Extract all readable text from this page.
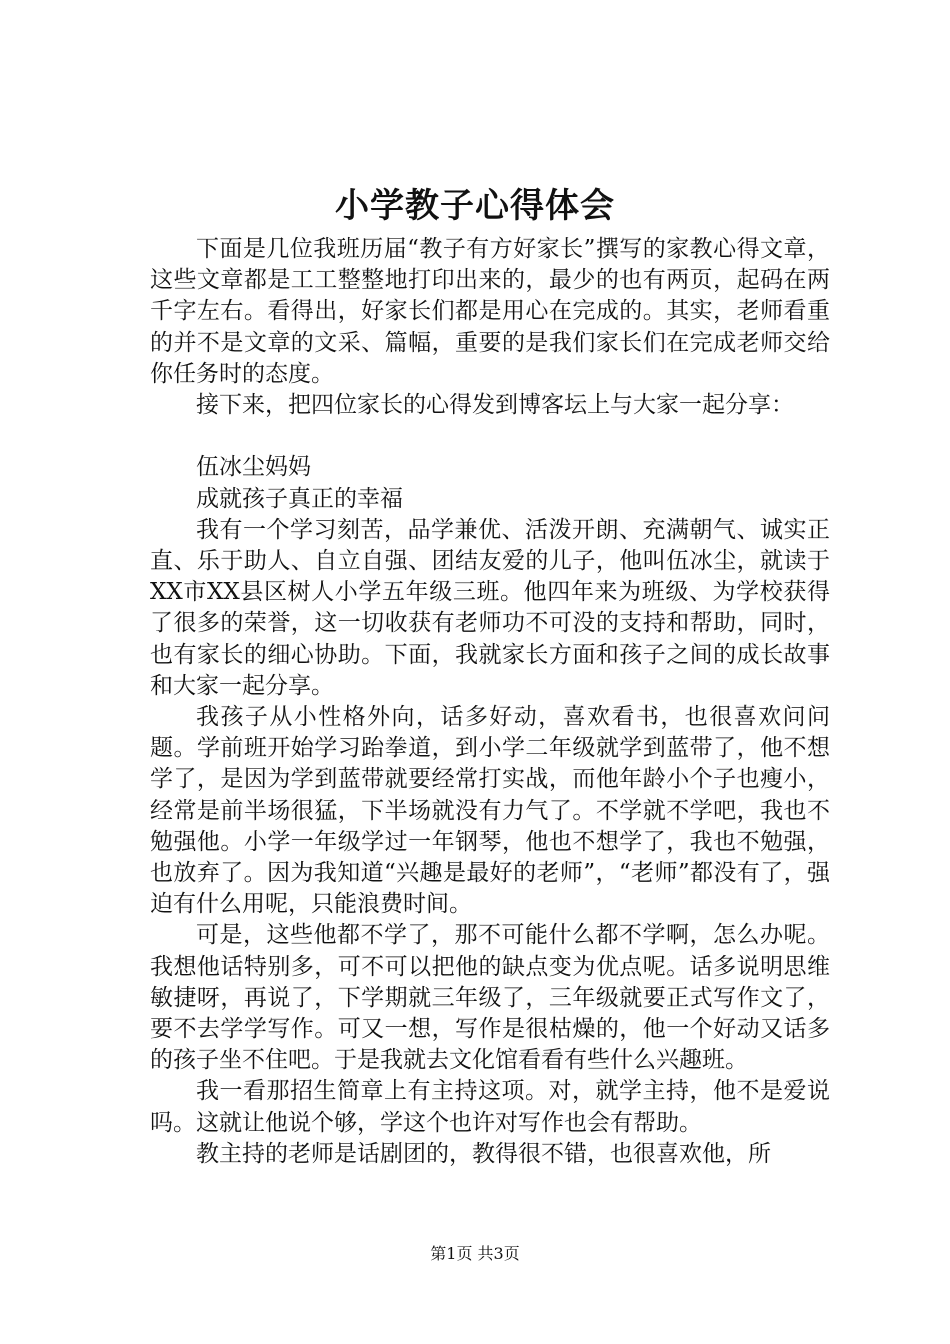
小学教子心得体会

下面是几位我班历届“教子有方好家长”撰写的家教心得文章，这些文章都是工工整整地打印出来的，最少的也有两页，起码在两千字左右。看得出，好家长们都是用心在完成的。其实，老师看重的并不是文章的文采、篇幅，重要的是我们家长们在完成老师交给你任务时的态度。

接下来，把四位家长的心得发到博客坛上与大家一起分享：

伍冰尘妈妈

成就孩子真正的幸福

我有一个学习刻苦，品学兼优、活泼开朗、充满朝气、诚实正直、乐于助人、自立自强、团结友爱的儿子，他叫伍冰尘，就读于XX市XX县区树人小学五年级三班。他四年来为班级、为学校获得了很多的荣誉，这一切收获有老师功不可没的支持和帮助，同时，也有家长的细心协助。下面，我就家长方面和孩子之间的成长故事和大家一起分享。

我孩子从小性格外向，话多好动，喜欢看书，也很喜欢问问题。学前班开始学习跆拳道，到小学二年级就学到蓝带了，他不想学了，是因为学到蓝带就要经常打实战，而他年龄小个子也瘦小，经常是前半场很猛，下半场就没有力气了。不学就不学吧，我也不勉强他。小学一年级学过一年钢琴，他也不想学了，我也不勉强，也放弃了。因为我知道“兴趣是最好的老师”，“老师”都没有了，强迫有什么用呢，只能浪费时间。

可是，这些他都不学了，那不可能什么都不学啊，怎么办呢。我想他话特别多，可不可以把他的缺点变为优点呢。话多说明思维敏捷呀，再说了，下学期就三年级了，三年级就要正式写作文了，要不去学学写作。可又一想，写作是很枯燥的，他一个好动又话多的孩子坐不住吧。于是我就去文化馆看看有些什么兴趣班。

我一看那招生简章上有主持这项。对，就学主持，他不是爱说吗。这就让他说个够，学这个也许对写作也会有帮助。

教主持的老师是话剧团的，教得很不错，也很喜欢他，所

第1页 共3页
